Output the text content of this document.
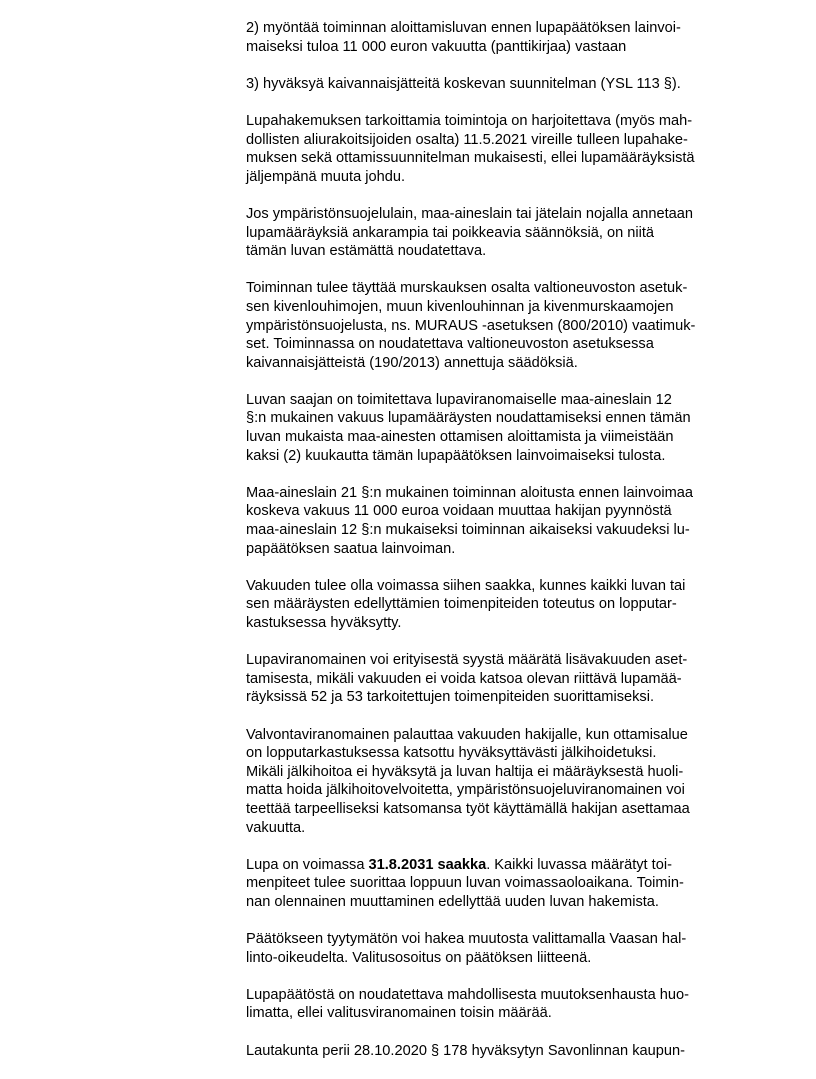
2) myöntää toiminnan aloittamisluvan ennen lupapäätöksen lainvoi-
maiseksi tuloa 11 000 euron vakuutta (panttikirjaa) vastaan
3) hyväksyä kaivannaisjätteitä koskevan suunnitelman (YSL 113 §).
Lupahakemuksen tarkoittamia toimintoja on harjoitettava (myös mah-
dollisten aliurakoitsijoiden osalta) 11.5.2021 vireille tulleen lupahake-
muksen sekä ottamissuunnitelman mukaisesti, ellei lupamääräyksistä
jäljempänä muuta johdu.
Jos ympäristönsuojelulain, maa-aineslain tai jätelain nojalla annetaan
lupamääräyksiä ankarampia tai poikkeavia säännöksiä, on niitä
tämän luvan estämättä noudatettava.
Toiminnan tulee täyttää murskauksen osalta valtioneuvoston asetuk-
sen kivenlouhimojen, muun kivenlouhinnan ja kivenmurskaamojen
ympäristönsuojelusta, ns. MURAUS -asetuksen (800/2010) vaatimuk-
set. Toiminnassa on noudatettava valtioneuvoston asetuksessa
kaivannaisjätteistä (190/2013) annettuja säädöksiä.
Luvan saajan on toimitettava lupaviranomaiselle maa-aineslain 12
§:n mukainen vakuus lupamääräysten noudattamiseksi ennen tämän
luvan mukaista maa-ainesten ottamisen aloittamista ja viimeistään
kaksi (2) kuukautta tämän lupapäätöksen lainvoimaiseksi tulosta.
Maa-aineslain 21 §:n mukainen toiminnan aloitusta ennen lainvoimaa
koskeva vakuus 11 000 euroa voidaan muuttaa hakijan pyynnöstä
maa-aineslain 12 §:n mukaiseksi toiminnan aikaiseksi vakuudeksi lu-
papäätöksen saatua lainvoiman.
Vakuuden tulee olla voimassa siihen saakka, kunnes kaikki luvan tai
sen määräysten edellyttämien toimenpiteiden toteutus on lopputar-
kastuksessa hyväksytty.
Lupaviranomainen voi erityisestä syystä määrätä lisävakuuden aset-
tamisesta, mikäli vakuuden ei voida katsoa olevan riittävä lupamää-
räyksissä 52 ja 53 tarkoitettujen toimenpiteiden suorittamiseksi.
Valvontaviranomainen palauttaa vakuuden hakijalle, kun ottamisalue
on lopputarkastuksessa katsottu hyväksyttävästi jälkihoidetuksi.
Mikäli jälkihoitoa ei hyväksytä ja luvan haltija ei määräyksestä huoli-
matta hoida jälkihoitovelvoitetta, ympäristönsuojeluviranomainen voi
teettää tarpeelliseksi katsomansa työt käyttämällä hakijan asettamaa
vakuutta.
Lupa on voimassa 31.8.2031 saakka. Kaikki luvassa määrätyt toi-
menpiteet tulee suorittaa loppuun luvan voimassaoloaikana. Toimin-
nan olennainen muuttaminen edellyttää uuden luvan hakemista.
Päätökseen tyytymätön voi hakea muutosta valittamalla Vaasan hal-
linto-oikeudelta. Valitusosoitus on päätöksen liitteenä.
Lupapäätöstä on noudatettava mahdollisesta muutoksenhausta huo-
limatta, ellei valitusviranomainen toisin määrää.
Lautakunta perii 28.10.2020 § 178 hyväksytyn Savonlinnan kaupun-
